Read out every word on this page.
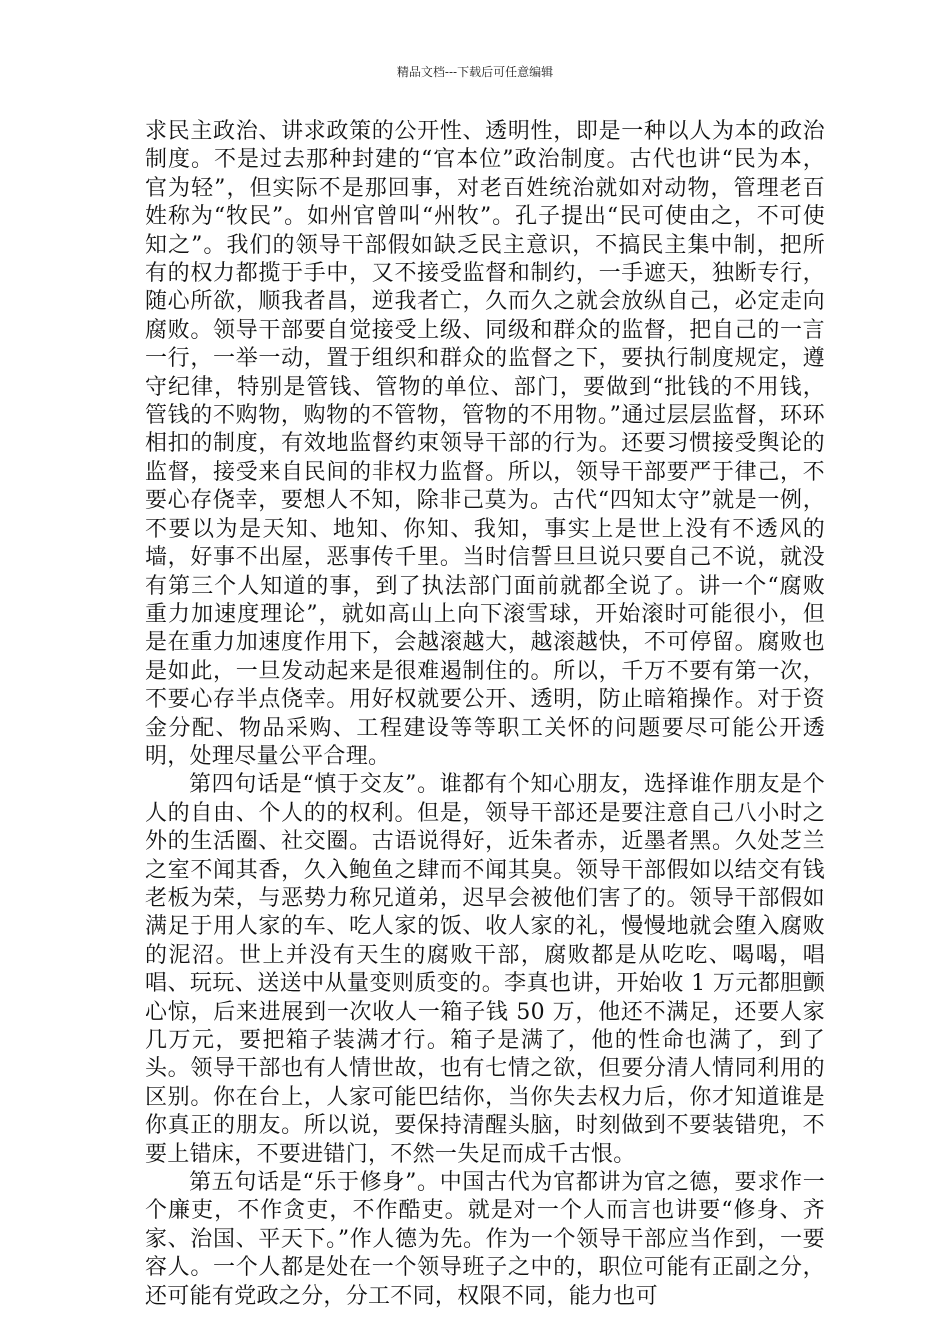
精品文档---下载后可任意编辑

求民主政治、讲求政策的公开性、透明性，即是一种以人为本的政治制度。不是过去那种封建的“官本位”政治制度。古代也讲“民为本，官为轻”，但实际不是那回事，对老百姓统治就如对动物，管理老百姓称为“牧民”。如州官曾叫“州牧”。孔子提出“民可使由之，不可使知之”。我们的领导干部假如缺乏民主意识，不搞民主集中制，把所有的权力都揽于手中，又不接受监督和制约，一手遮天，独断专行，随心所欲，顺我者昌，逆我者亡，久而久之就会放纵自己，必定走向腐败。领导干部要自觉接受上级、同级和群众的监督，把自己的一言一行，一举一动，置于组织和群众的监督之下，要执行制度规定，遵守纪律，特别是管钱、管物的单位、部门，要做到“批钱的不用钱，管钱的不购物，购物的不管物，管物的不用物。”通过层层监督，环环相扣的制度，有效地监督约束领导干部的行为。还要习惯接受舆论的监督，接受来自民间的非权力监督。所以，领导干部要严于律己，不要心存侥幸，要想人不知，除非己莫为。古代“四知太守”就是一例，不要以为是天知、地知、你知、我知，事实上是世上没有不透风的墙，好事不出屋，恶事传千里。当时信誓旦旦说只要自己不说，就没有第三个人知道的事，到了执法部门面前就都全说了。讲一个“腐败重力加速度理论”，就如高山上向下滚雪球，开始滚时可能很小，但是在重力加速度作用下，会越滚越大，越滚越快，不可停留。腐败也是如此，一旦发动起来是很难遏制住的。所以，千万不要有第一次，不要心存半点侥幸。用好权就要公开、透明，防止暗箱操作。对于资金分配、物品采购、工程建设等等职工关怀的问题要尽可能公开透明，处理尽量公平合理。

第四句话是“慎于交友”。谁都有个知心朋友，选择谁作朋友是个人的自由、个人的的权利。但是，领导干部还是要注意自己八小时之外的生活圈、社交圈。古语说得好，近朱者赤，近墨者黑。久处芝兰之室不闻其香，久入鲍鱼之肆而不闻其臭。领导干部假如以结交有钱老板为荣，与恶势力称兄道弟，迟早会被他们害了的。领导干部假如满足于用人家的车、吃人家的饭、收人家的礼，慢慢地就会堕入腐败的泥沼。世上并没有天生的腐败干部，腐败都是从吃吃、喝喝，唱唱、玩玩、送送中从量变则质变的。李真也讲，开始收 1 万元都胆颤心惊，后来进展到一次收人一箱子钱 50 万，他还不满足，还要人家几万元，要把箱子装满才行。箱子是满了，他的性命也满了，到了头。领导干部也有人情世故，也有七情之欲，但要分清人情同利用的区别。你在台上，人家可能巴结你，当你失去权力后，你才知道谁是你真正的朋友。所以说，要保持清醒头脑，时刻做到不要装错兜，不要上错床，不要进错门，不然一失足而成千古恨。

第五句话是“乐于修身”。中国古代为官都讲为官之德，要求作一个廉吏，不作贪吏，不作酷吏。就是对一个人而言也讲要“修身、齐家、治国、平天下。”作人德为先。作为一个领导干部应当作到，一要容人。一个人都是处在一个领导班子之中的，职位可能有正副之分，还可能有党政之分，分工不同，权限不同，能力也可
